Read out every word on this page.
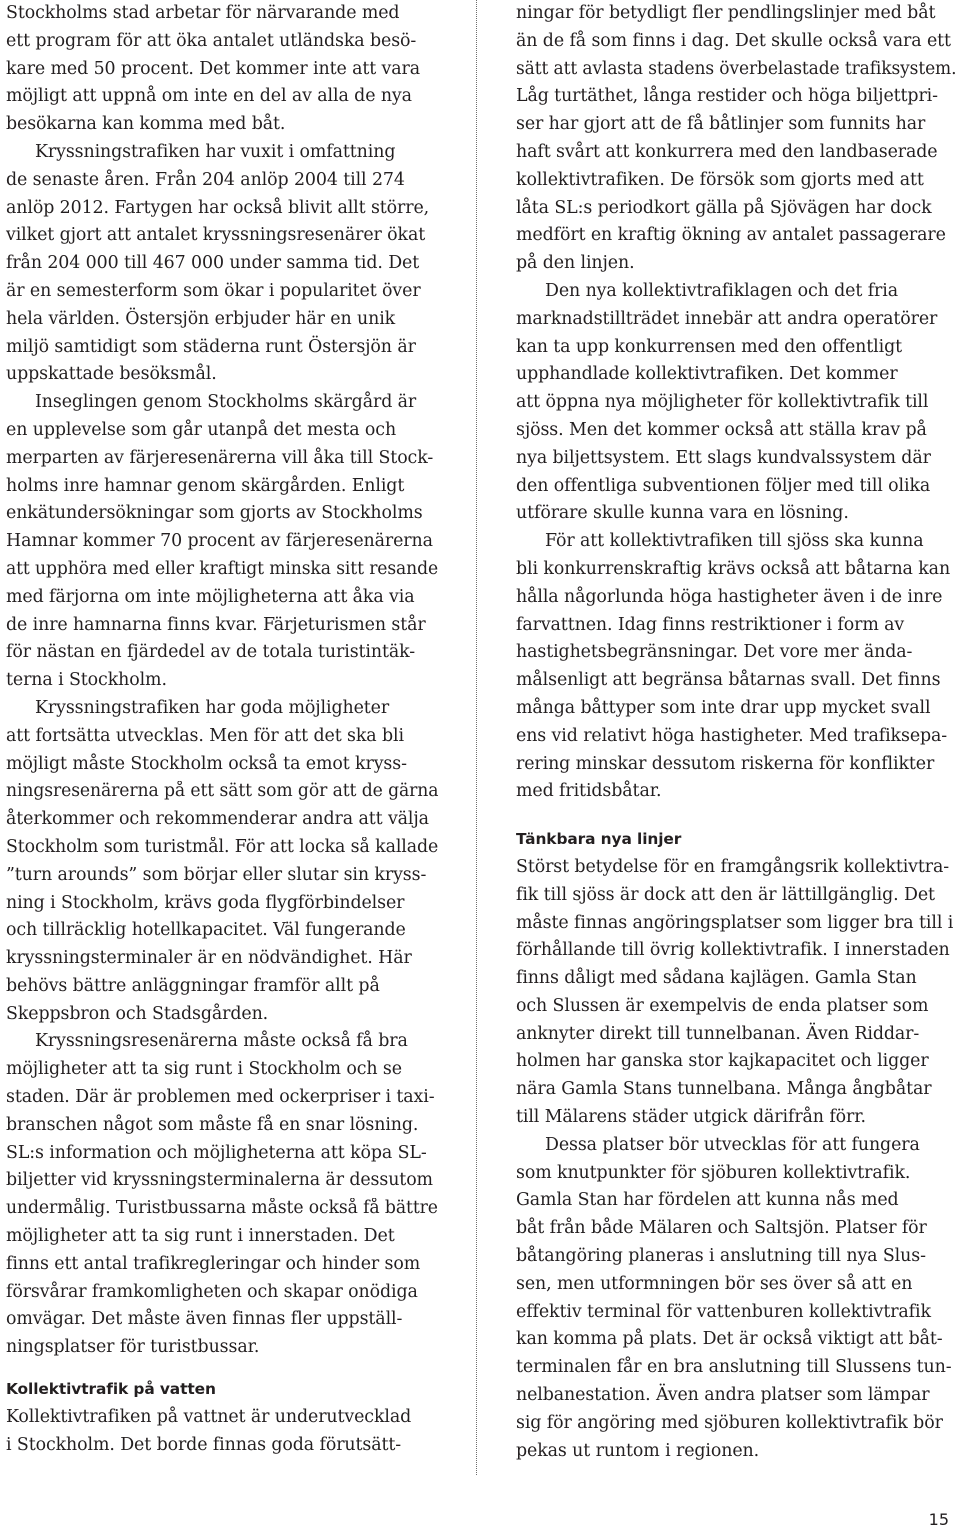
Stockholms stad arbetar för närvarande med
ett program för att öka antalet utländska besö-
kare med 50 procent. Det kommer inte att vara
möjligt att uppnå om inte en del av alla de nya
besökarna kan komma med båt.
Kryssningstrafiken har vuxit i omfattning
de senaste åren. Från 204 anlöp 2004 till 274
anlöp 2012. Fartygen har också blivit allt större,
vilket gjort att antalet kryssningsresenärer ökat
från 204 000 till 467 000 under samma tid. Det
är en semesterform som ökar i popularitet över
hela världen. Östersjön erbjuder här en unik
miljö samtidigt som städerna runt Östersjön är
uppskattade besöksmål.
Inseglingen genom Stockholms skärgård är
en upplevelse som går utanpå det mesta och
merparten av färjeresenärerna vill åka till Stock-
holms inre hamnar genom skärgården. Enligt
enkätundersökningar som gjorts av Stockholms
Hamnar kommer 70 procent av färjeresenärerna
att upphöra med eller kraftigt minska sitt resande
med färjorna om inte möjligheterna att åka via
de inre hamnarna finns kvar. Färjeturismen står
för nästan en fjärdedel av de totala turistintäk-
terna i Stockholm.
Kryssningstrafiken har goda möjligheter
att fortsätta utvecklas. Men för att det ska bli
möjligt måste Stockholm också ta emot kryss-
ningsresenärerna på ett sätt som gör att de gärna
återkommer och rekommenderar andra att välja
Stockholm som turistmål. För att locka så kallade
”turn arounds” som börjar eller slutar sin kryss-
ning i Stockholm, krävs goda flygförbindelser
och tillräcklig hotellkapacitet. Väl fungerande
kryssningsterminaler är en nödvändighet. Här
behövs bättre anläggningar framför allt på
Skeppsbron och Stadsgården.
Kryssningsresenärerna måste också få bra
möjligheter att ta sig runt i Stockholm och se
staden. Där är problemen med ockerpriser i taxi-
branschen något som måste få en snar lösning.
SL:s information och möjligheterna att köpa SL-
biljetter vid kryssningsterminalerna är dessutom
undermålig. Turistbussarna måste också få bättre
möjligheter att ta sig runt i innerstaden. Det
finns ett antal trafikregleringar och hinder som
försvårar framkomligheten och skapar onödiga
omvägar. Det måste även finnas fler uppställ-
ningsplatser för turistbussar.
Kollektivtrafik på vatten
Kollektivtrafiken på vattnet är underutvecklad
i Stockholm. Det borde finnas goda förutsätt-
ningar för betydligt fler pendlingslinjer med båt
än de få som finns i dag. Det skulle också vara ett
sätt att avlasta stadens överbelastade trafiksystem.
Låg turtäthet, långa restider och höga biljettpri-
ser har gjort att de få båtlinjer som funnits har
haft svårt att konkurrera med den landbaserade
kollektivtrafiken. De försök som gjorts med att
låta SL:s periodkort gälla på Sjövägen har dock
medfört en kraftig ökning av antalet passagerare
på den linjen.
Den nya kollektivtrafiklagen och det fria
marknadstillträdet innebär att andra operatörer
kan ta upp konkurrensen med den offentligt
upphandlade kollektivtrafiken. Det kommer
att öppna nya möjligheter för kollektivtrafik till
sjöss. Men det kommer också att ställa krav på
nya biljettsystem. Ett slags kundvalssystem där
den offentliga subventionen följer med till olika
utförare skulle kunna vara en lösning.
För att kollektivtrafiken till sjöss ska kunna
bli konkurrenskraftig krävs också att båtarna kan
hålla någorlunda höga hastigheter även i de inre
farvattnen. Idag finns restriktioner i form av
hastighetsbegränsningar. Det vore mer ända-
målsenligt att begränsa båtarnas svall. Det finns
många båttyper som inte drar upp mycket svall
ens vid relativt höga hastigheter. Med trafiksepa-
rering minskar dessutom riskerna för konflikter
med fritidsbåtar.
Tänkbara nya linjer
Störst betydelse för en framgångsrik kollektivtra-
fik till sjöss är dock att den är lättillgänglig. Det
måste finnas angöringsplatser som ligger bra till i
förhållande till övrig kollektivtrafik. I innerstaden
finns dåligt med sådana kajlägen. Gamla Stan
och Slussen är exempelvis de enda platser som
anknyter direkt till tunnelbanan. Även Riddar-
holmen har ganska stor kajkapacitet och ligger
nära Gamla Stans tunnelbana. Många ångbåtar
till Mälarens städer utgick därifrån förr.
Dessa platser bör utvecklas för att fungera
som knutpunkter för sjöburen kollektivtrafik.
Gamla Stan har fördelen att kunna nås med
båt från både Mälaren och Saltsjön. Platser för
båtangöring planeras i anslutning till nya Slus-
sen, men utformningen bör ses över så att en
effektiv terminal för vattenburen kollektivtrafik
kan komma på plats. Det är också viktigt att båt-
terminalen får en bra anslutning till Slussens tun-
nelbanestation. Även andra platser som lämpar
sig för angöring med sjöburen kollektivtrafik bör
pekas ut runtom i regionen.
15
